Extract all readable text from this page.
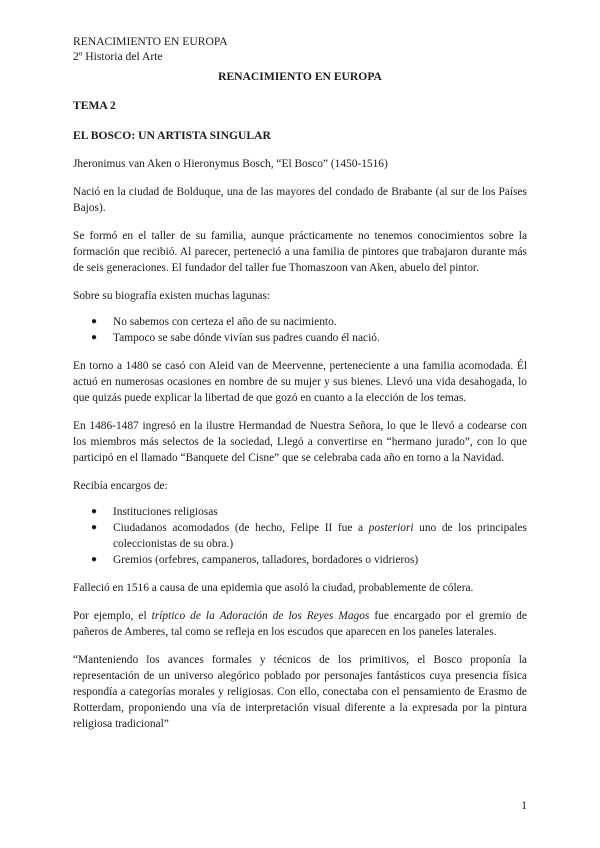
RENACIMIENTO EN EUROPA
2º Historia del Arte
RENACIMIENTO EN EUROPA
TEMA 2
EL BOSCO: UN ARTISTA SINGULAR

Jheronimus van Aken o Hieronymus Bosch, “El Bosco” (1450-1516)

Nació en la ciudad de Bolduque, una de las mayores del condado de Brabante (al sur de los Países Bajos).

Se formó en el taller de su familia, aunque prácticamente no tenemos conocimientos sobre la formación que recibió. Al parecer, perteneció a una familia de pintores que trabajaron durante más de seis generaciones. El fundador del taller fue Thomaszoon van Aken, abuelo del pintor.

Sobre su biografía existen muchas lagunas:

● No sabemos con certeza el año de su nacimiento.
● Tampoco se sabe dónde vivían sus padres cuando él nació.

En torno a 1480 se casó con Aleid van de Meervenne, perteneciente a una familia acomodada. Él actuó en numerosas ocasiones en nombre de su mujer y sus bienes. Llevó una vida desahogada, lo que quizás puede explicar la libertad de que gozó en cuanto a la elección de los temas.

En 1486-1487 ingresó en la ilustre Hermandad de Nuestra Señora, lo que le llevó a codearse con los miembros más selectos de la sociedad, Llegó a convertirse en “hermano jurado”, con lo que participó en el llamado “Banquete del Cisne” que se celebraba cada año en torno a la Navidad.

Recibía encargos de:

● Instituciones religiosas
● Ciudadanos acomodados (de hecho, Felipe II fue a posteriori uno de los principales coleccionistas de su obra.)
● Gremios (orfebres, campaneros, talladores, bordadores o vidrieros)

Falleció en 1516 a causa de una epidemia que asoló la ciudad, probablemente de cólera.

Por ejemplo, el tríptico de la Adoración de los Reyes Magos fue encargado por el gremio de pañeros de Amberes, tal como se refleja en los escudos que aparecen en los paneles laterales.

“Manteniendo los avances formales y técnicos de los primitivos, el Bosco proponía la representación de un universo alegórico poblado por personajes fantásticos cuya presencia física respondía a categorías morales y religiosas. Con ello, conectaba con el pensamiento de Erasmo de Rotterdam, proponiendo una vía de interpretación visual diferente a la expresada por la pintura religiosa tradicional”

1
